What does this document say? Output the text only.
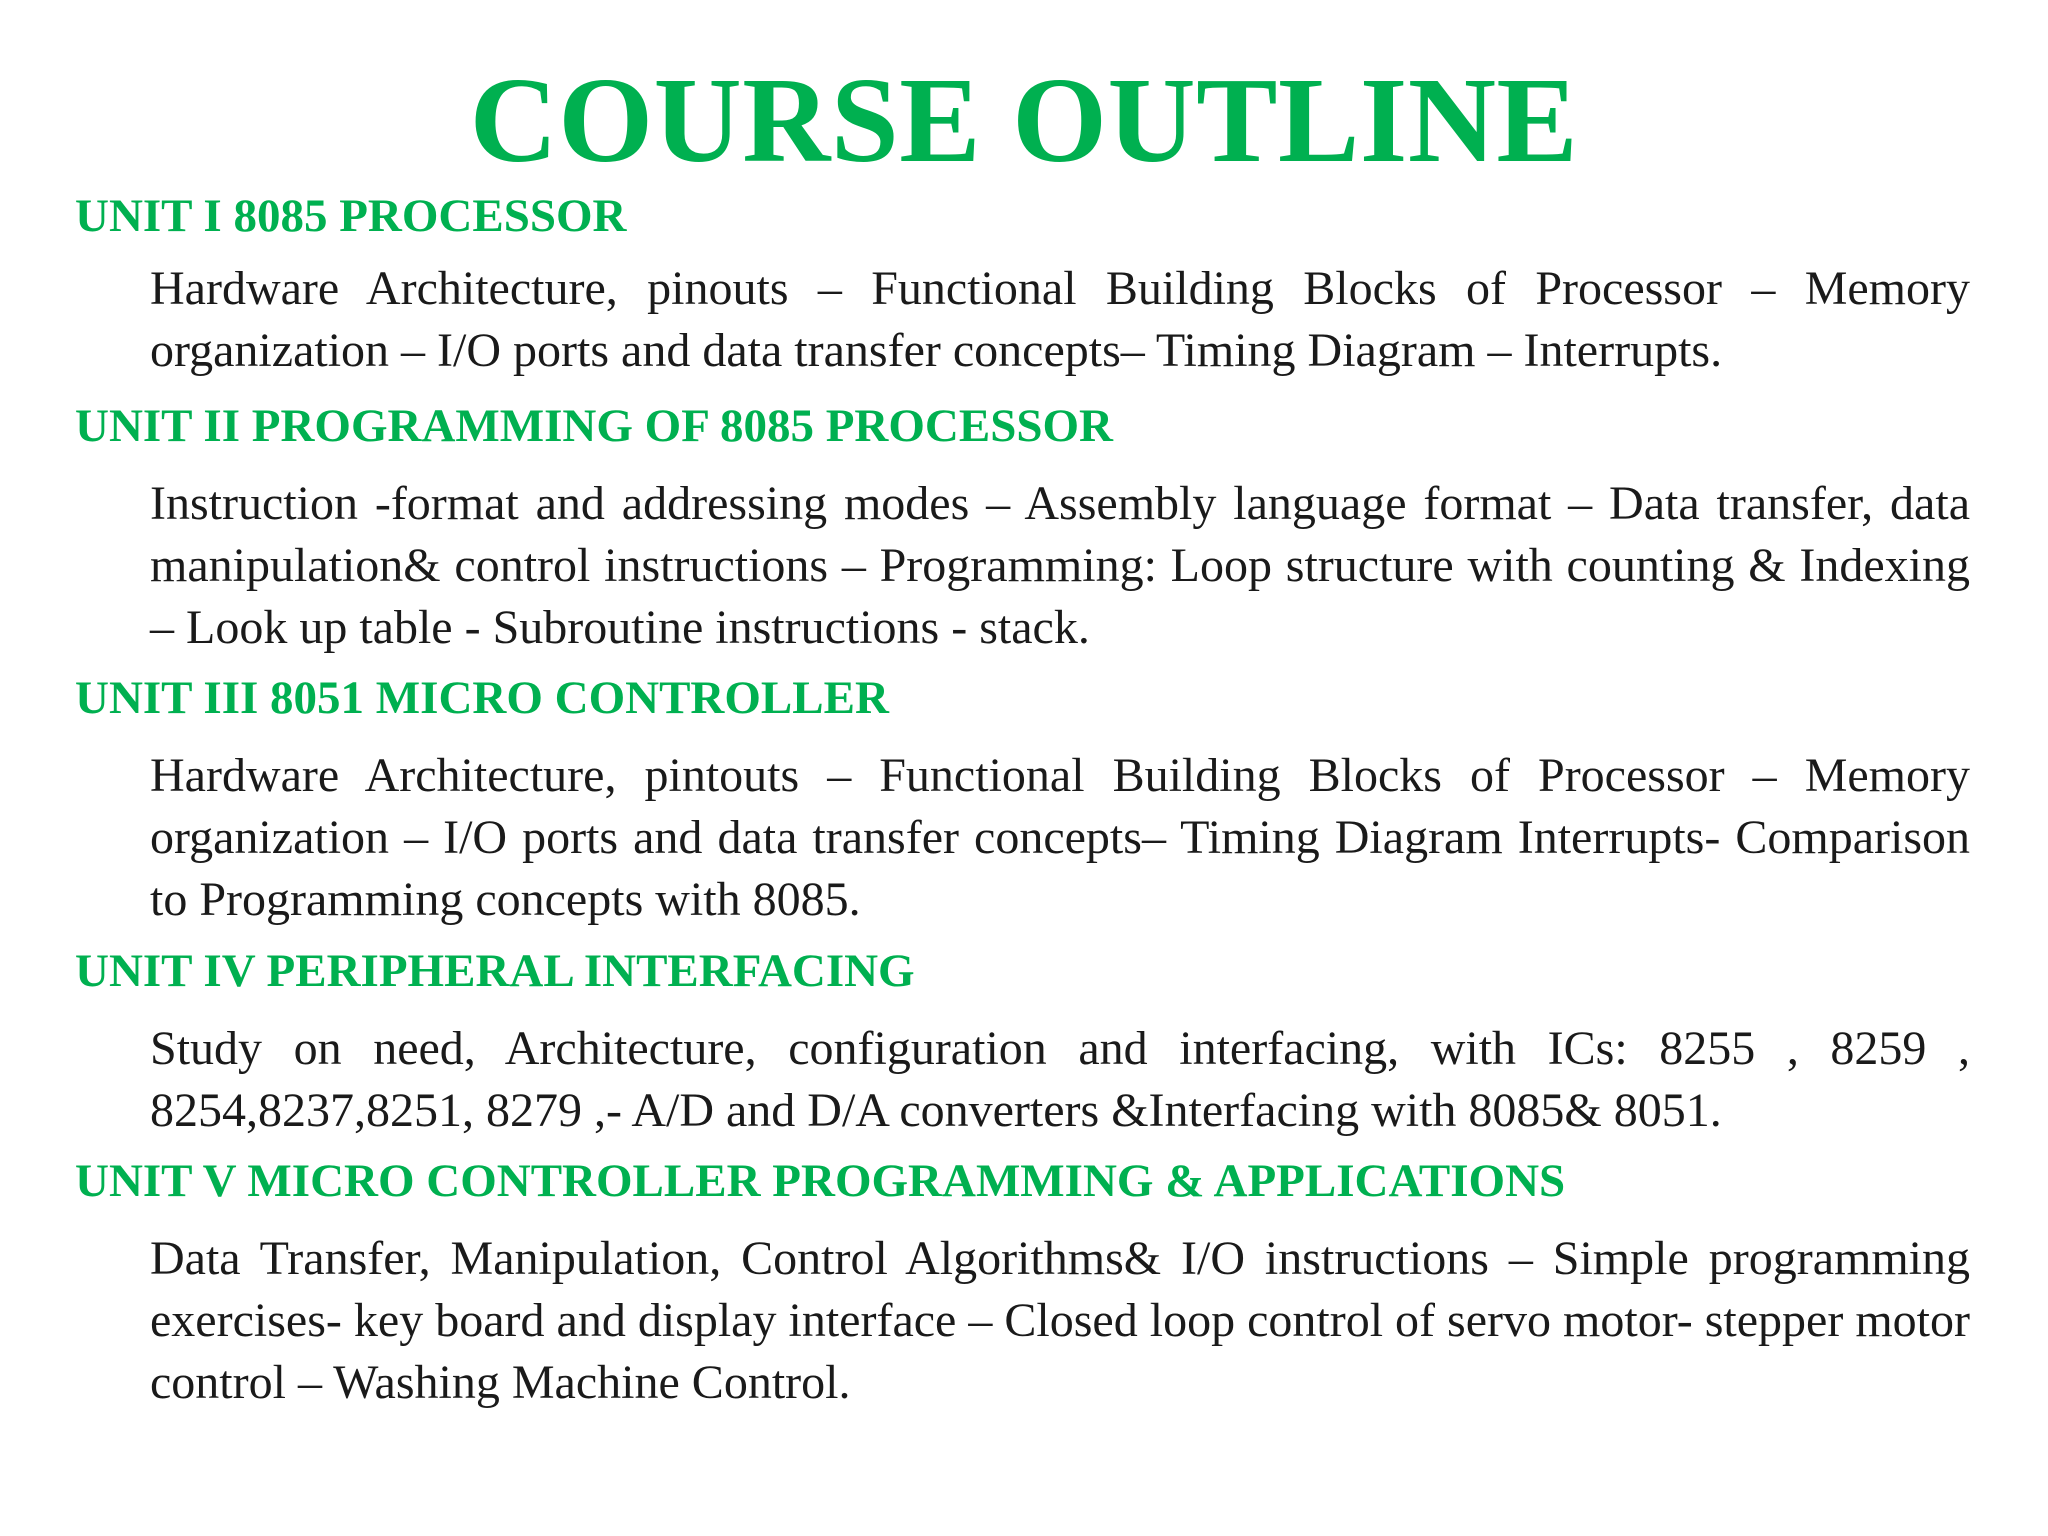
COURSE OUTLINE
UNIT I 8085 PROCESSOR

Hardware Architecture, pinouts – Functional Building Blocks of Processor – Memory organization – I/O ports and data transfer concepts– Timing Diagram – Interrupts.

UNIT II PROGRAMMING OF 8085 PROCESSOR

Instruction -format and addressing modes – Assembly language format – Data transfer, data manipulation& control instructions – Programming: Loop structure with counting & Indexing – Look up table - Subroutine instructions - stack.

UNIT III 8051 MICRO CONTROLLER

Hardware Architecture, pintouts – Functional Building Blocks of Processor – Memory organization – I/O ports and data transfer concepts– Timing Diagram Interrupts- Comparison to Programming concepts with 8085.

UNIT IV PERIPHERAL INTERFACING

Study on need, Architecture, configuration and interfacing, with ICs: 8255 , 8259 , 8254,8237,8251, 8279 ,- A/D and D/A converters &Interfacing with 8085& 8051.

UNIT V MICRO CONTROLLER PROGRAMMING & APPLICATIONS

Data Transfer, Manipulation, Control Algorithms& I/O instructions – Simple programming exercises- key board and display interface – Closed loop control of servo motor- stepper motor control – Washing Machine Control.
